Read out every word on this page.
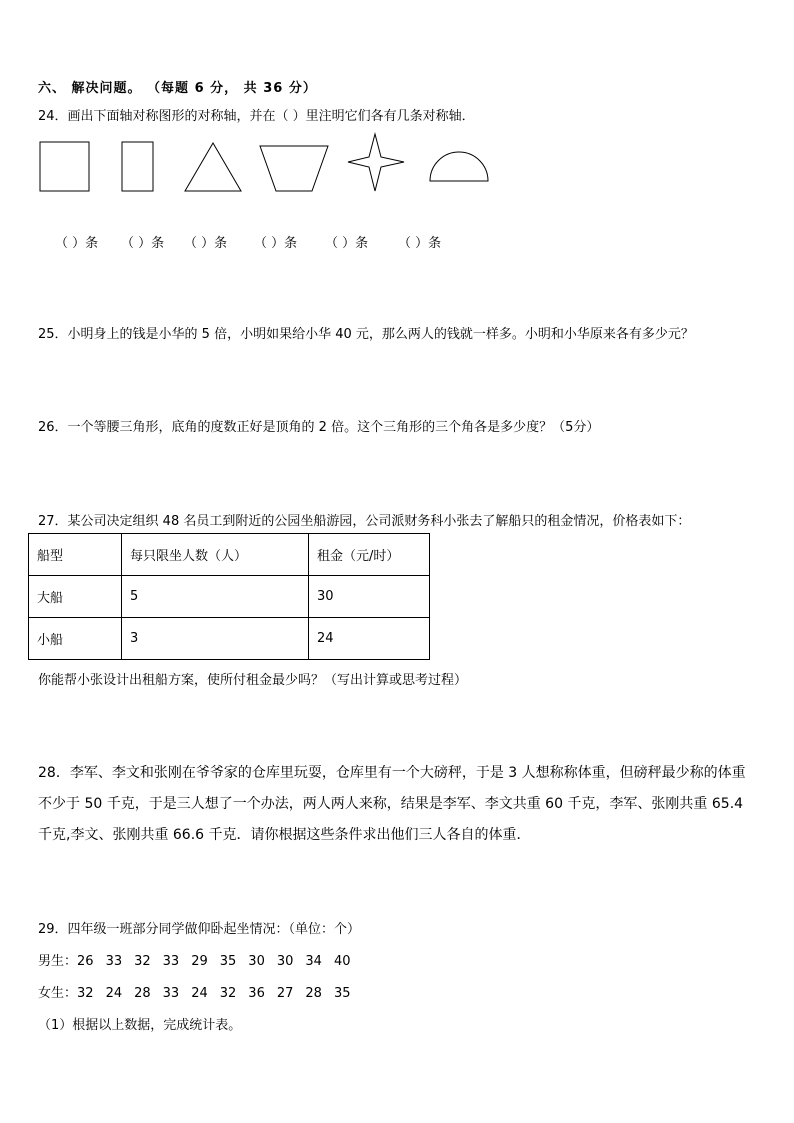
六、 解决问题。 （每题 6 分， 共 36 分）
24．画出下面轴对称图形的对称轴，并在（ ）里注明它们各有几条对称轴．
（ ）条 （ ）条 （ ）条 （ ）条 （ ）条 （ ）条
25．小明身上的钱是小华的 5 倍，小明如果给小华 40 元，那么两人的钱就一样多。小明和小华原来各有多少元？
26．一个等腰三角形，底角的度数正好是顶角的 2 倍。这个三角形的三个角各是多少度？（5分）
27．某公司决定组织 48 名员工到附近的公园坐船游园，公司派财务科小张去了解船只的租金情况，价格表如下：
船型	每只限坐人数（人）	租金（元/时）
大船	5	30
小船	3	24
你能帮小张设计出租船方案，使所付租金最少吗？（写出计算或思考过程）
28．李军、李文和张刚在爷爷家的仓库里玩耍，仓库里有一个大磅秤，于是 3 人想称称体重，但磅秤最少称的体重不少于 50 千克，于是三人想了一个办法，两人两人来称，结果是李军、李文共重 60 千克，李军、张刚共重 65.4 千克,李文、张刚共重 66.6 千克．请你根据这些条件求出他们三人各自的体重．
29．四年级一班部分同学做仰卧起坐情况：（单位：个）
男生：26 33 32 33 29 35 30 30 34 40
女生：32 24 28 33 24 32 36 27 28 35
（1）根据以上数据，完成统计表。
